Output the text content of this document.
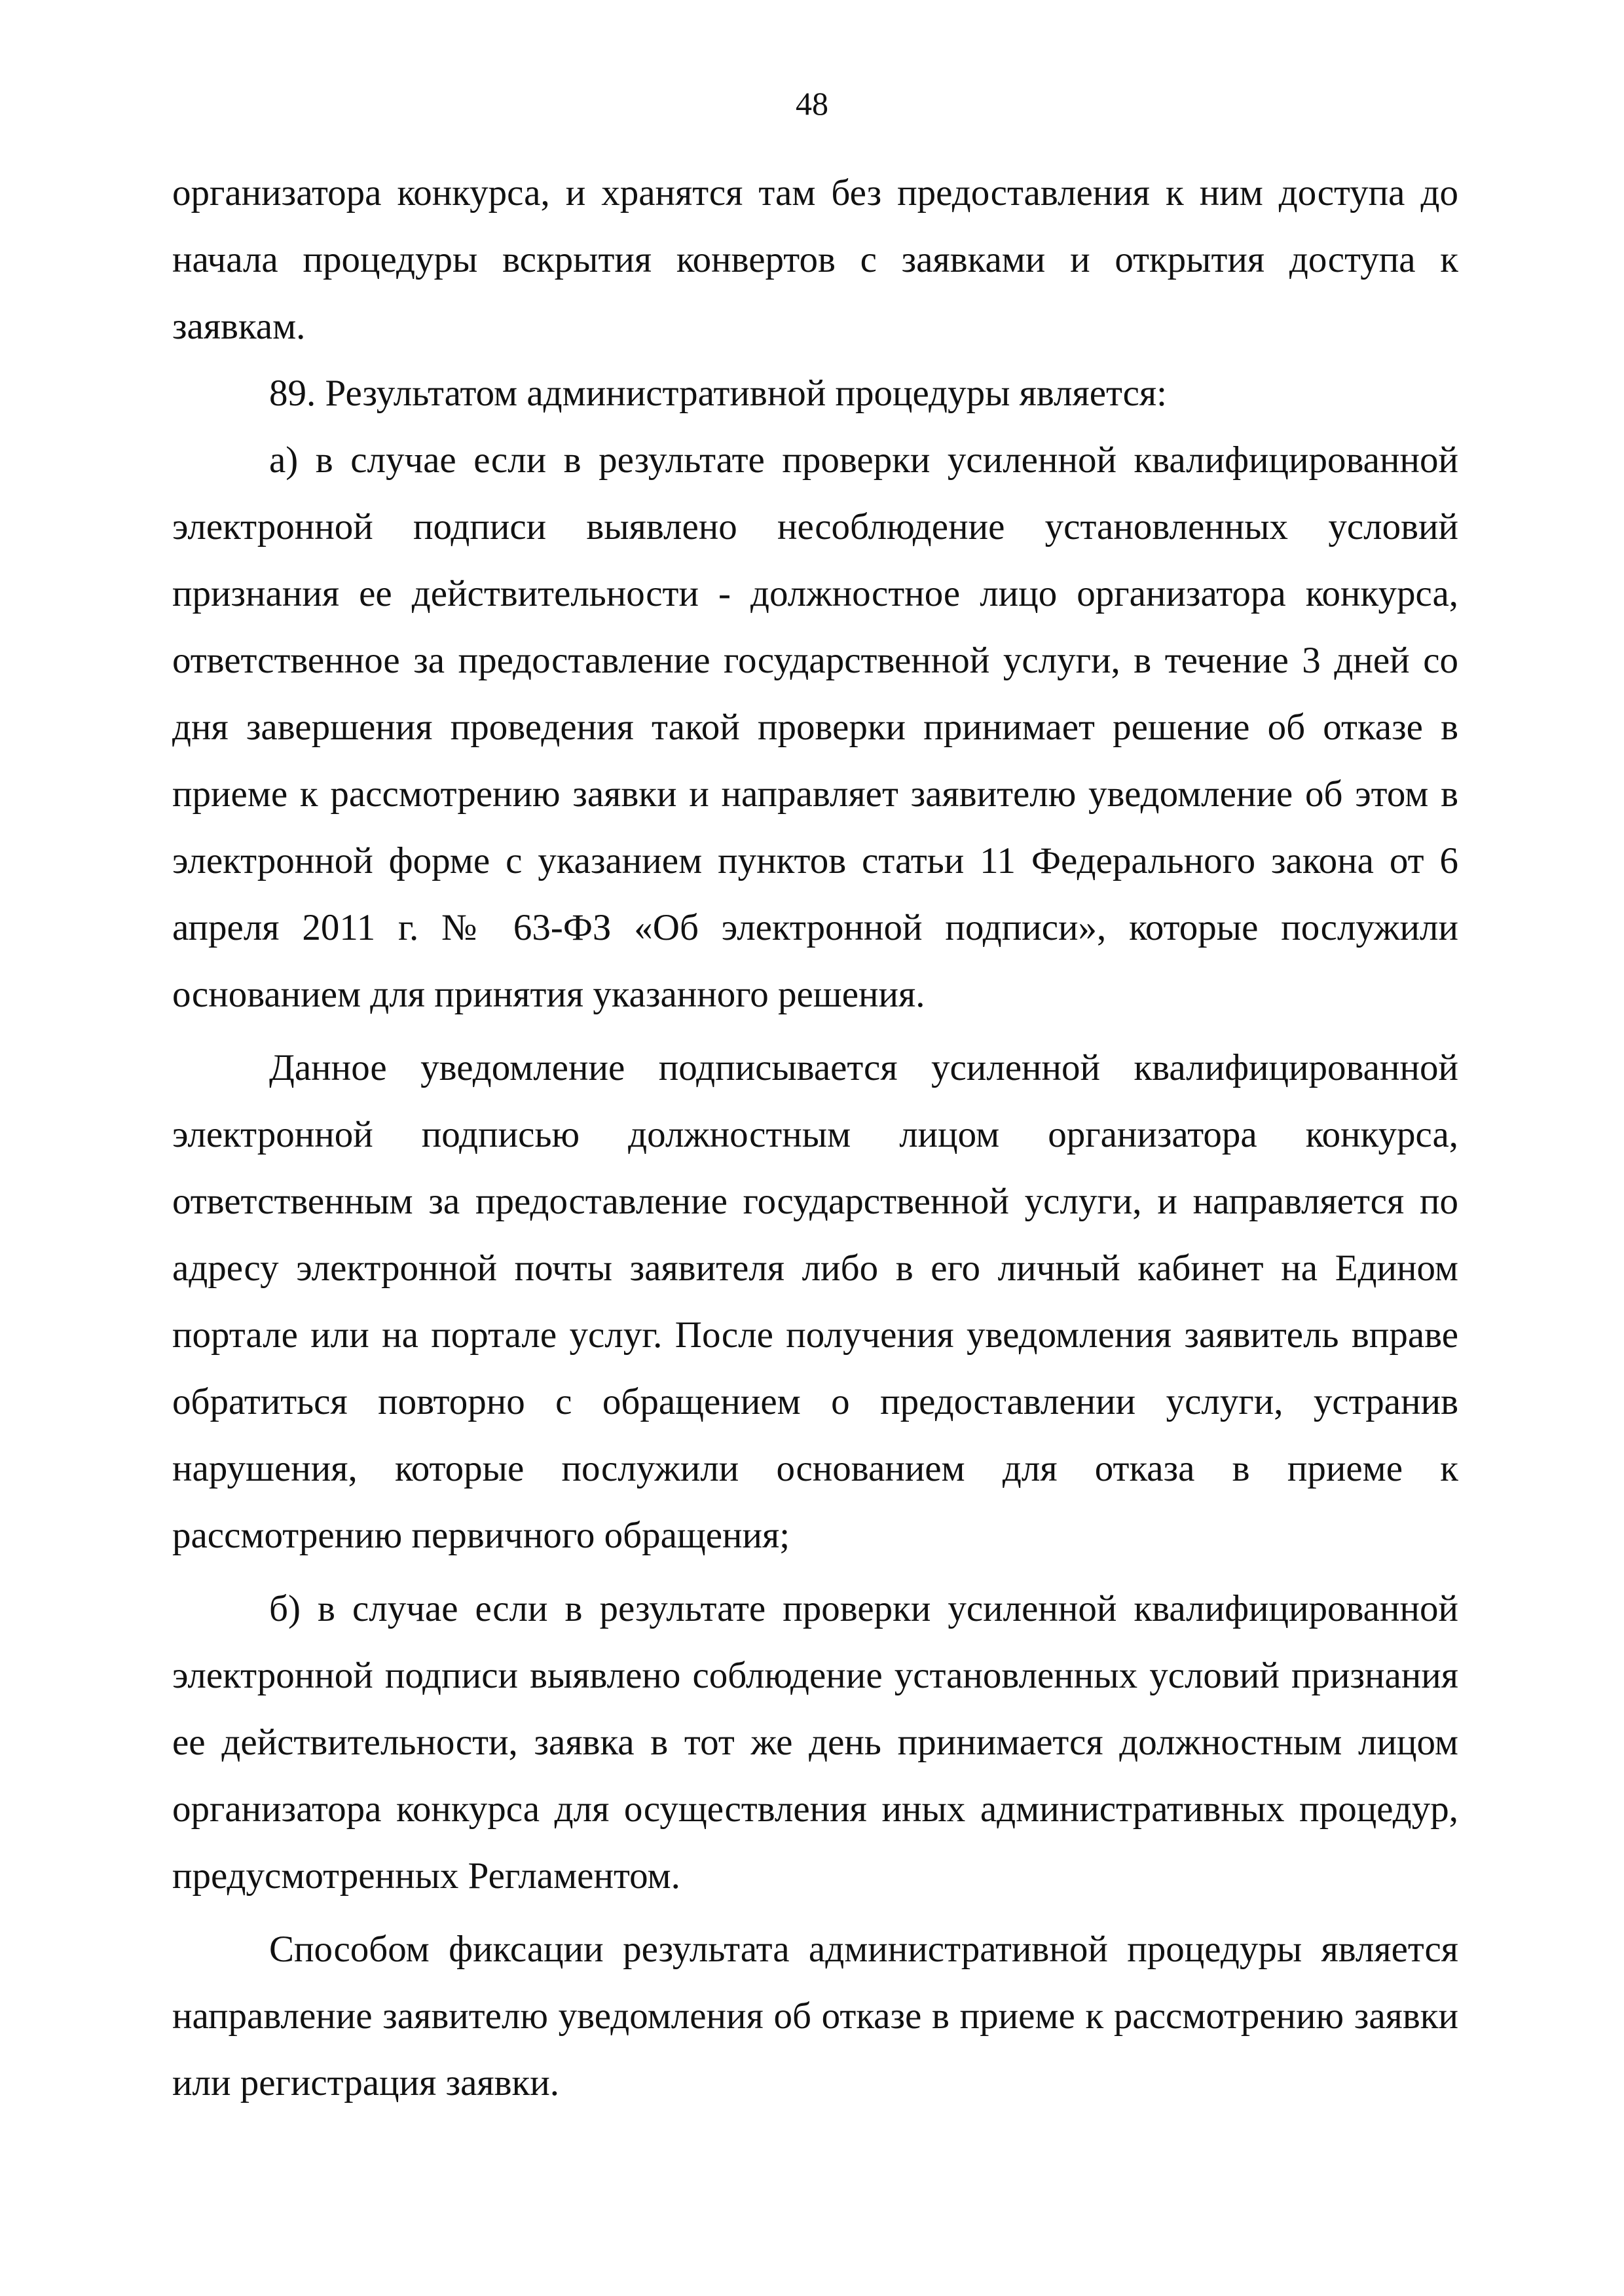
48

организатора конкурса, и хранятся там без предоставления к ним доступа до начала процедуры вскрытия конвертов с заявками и открытия доступа к заявкам.

89. Результатом административной процедуры является:

а) в случае если в результате проверки усиленной квалифицированной электронной подписи выявлено несоблюдение установленных условий признания ее действительности - должностное лицо организатора конкурса, ответственное за предоставление государственной услуги, в течение 3 дней со дня завершения проведения такой проверки принимает решение об отказе в приеме к рассмотрению заявки и направляет заявителю уведомление об этом в электронной форме с указанием пунктов статьи 11 Федерального закона от 6 апреля 2011 г. № 63-ФЗ «Об электронной подписи», которые послужили основанием для принятия указанного решения.

Данное уведомление подписывается усиленной квалифицированной электронной подписью должностным лицом организатора конкурса, ответственным за предоставление государственной услуги, и направляется по адресу электронной почты заявителя либо в его личный кабинет на Едином портале или на портале услуг. После получения уведомления заявитель вправе обратиться повторно с обращением о предоставлении услуги, устранив нарушения, которые послужили основанием для отказа в приеме к рассмотрению первичного обращения;

б) в случае если в результате проверки усиленной квалифицированной электронной подписи выявлено соблюдение установленных условий признания ее действительности, заявка в тот же день принимается должностным лицом организатора конкурса для осуществления иных административных процедур, предусмотренных Регламентом.

Способом фиксации результата административной процедуры является направление заявителю уведомления об отказе в приеме к рассмотрению заявки или регистрация заявки.
